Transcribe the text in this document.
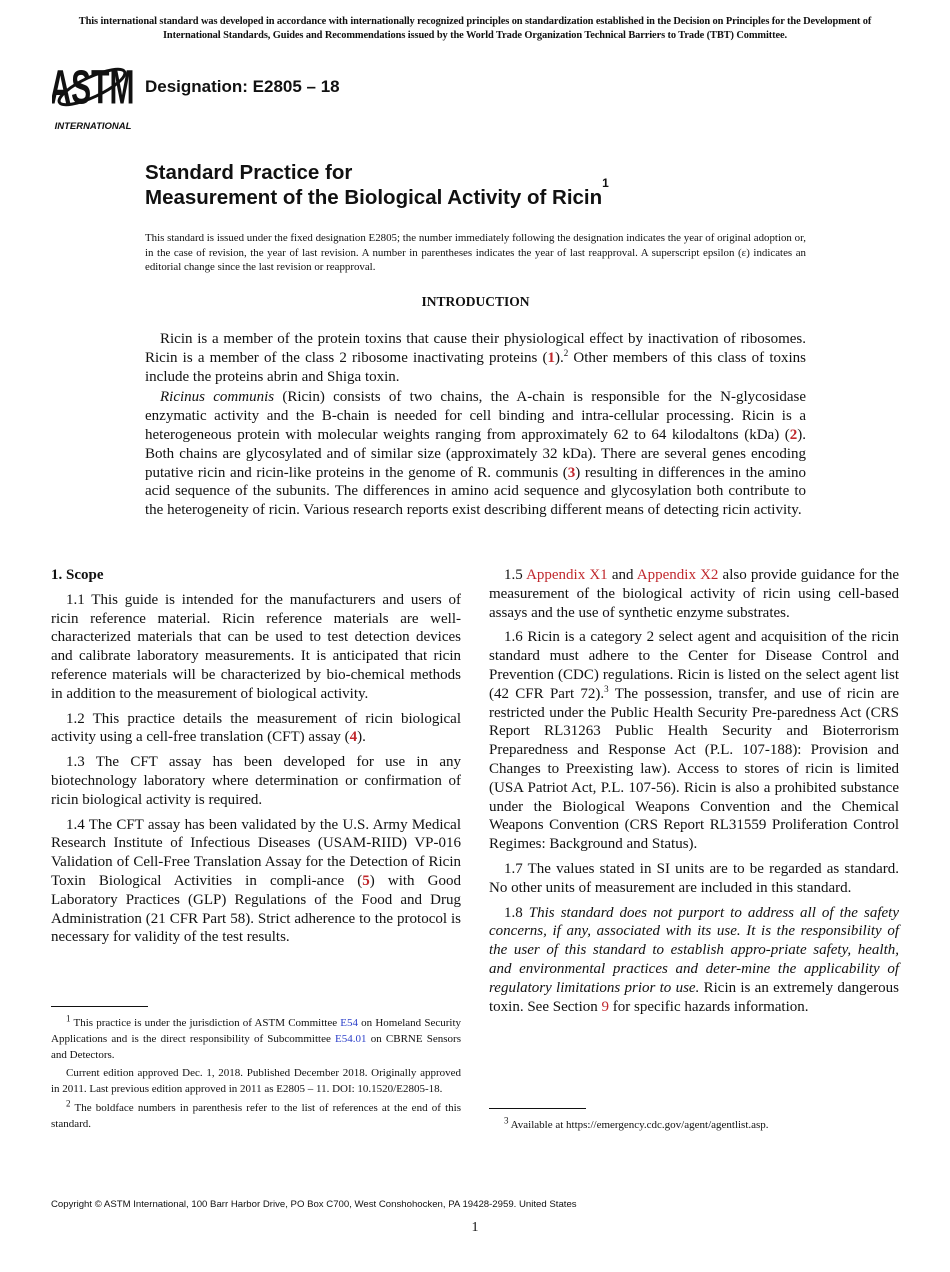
This international standard was developed in accordance with internationally recognized principles on standardization established in the Decision on Principles for the Development of International Standards, Guides and Recommendations issued by the World Trade Organization Technical Barriers to Trade (TBT) Committee.
ASTM
INTERNATIONAL
Designation: E2805 – 18
Standard Practice for
Measurement of the Biological Activity of Ricin$^1$
This standard is issued under the fixed designation E2805; the number immediately following the designation indicates the year of original adoption or, in the case of revision, the year of last revision. A number in parentheses indicates the year of last reapproval. A superscript epsilon (ε) indicates an editorial change since the last revision or reapproval.
INTRODUCTION

Ricin is a member of the protein toxins that cause their physiological effect by inactivation of ribosomes. Ricin is a member of the class 2 ribosome inactivating proteins (1).$^2$ Other members of this class of toxins include the proteins abrin and Shiga toxin.

Ricinus communis (Ricin) consists of two chains, the A-chain is responsible for the N-glycosidase enzymatic activity and the B-chain is needed for cell binding and intra-cellular processing. Ricin is a heterogeneous protein with molecular weights ranging from approximately 62 to 64 kilodaltons (kDa) (2). Both chains are glycosylated and of similar size (approximately 32 kDa). There are several genes encoding putative ricin and ricin-like proteins in the genome of R. communis (3) resulting in differences in the amino acid sequence of the subunits. The differences in amino acid sequence and glycosylation both contribute to the heterogeneity of ricin. Various research reports exist describing different means of detecting ricin activity.

1. Scope

1.1 This guide is intended for the manufacturers and users of ricin reference material. Ricin reference materials are well-characterized materials that can be used to test detection devices and calibrate laboratory measurements. It is anticipated that ricin reference materials will be characterized by bio-chemical methods in addition to the measurement of biological activity.

1.2 This practice details the measurement of ricin biological activity using a cell-free translation (CFT) assay (4).

1.3 The CFT assay has been developed for use in any biotechnology laboratory where determination or confirmation of ricin biological activity is required.

1.4 The CFT assay has been validated by the U.S. Army Medical Research Institute of Infectious Diseases (USAM-RIID) VP-016 Validation of Cell-Free Translation Assay for the Detection of Ricin Toxin Biological Activities in compli-ance (5) with Good Laboratory Practices (GLP) Regulations of the Food and Drug Administration (21 CFR Part 58). Strict adherence to the protocol is necessary for validity of the test results.

$^1$ This practice is under the jurisdiction of ASTM Committee E54 on Homeland Security Applications and is the direct responsibility of Subcommittee E54.01 on CBRNE Sensors and Detectors.

Current edition approved Dec. 1, 2018. Published December 2018. Originally approved in 2011. Last previous edition approved in 2011 as E2805 – 11. DOI: 10.1520/E2805-18.

$^2$ The boldface numbers in parenthesis refer to the list of references at the end of this standard.

1.5 Appendix X1 and Appendix X2 also provide guidance for the measurement of the biological activity of ricin using cell-based assays and the use of synthetic enzyme substrates.

1.6 Ricin is a category 2 select agent and acquisition of the ricin standard must adhere to the Center for Disease Control and Prevention (CDC) regulations. Ricin is listed on the select agent list (42 CFR Part 72).$^3$ The possession, transfer, and use of ricin are restricted under the Public Health Security Pre-paredness Act (CRS Report RL31263 Public Health Security and Bioterrorism Preparedness and Response Act (P.L. 107-188): Provision and Changes to Preexisting law). Access to stores of ricin is limited (USA Patriot Act, P.L. 107-56). Ricin is also a prohibited substance under the Biological Weapons Convention and the Chemical Weapons Convention (CRS Report RL31559 Proliferation Control Regimes: Background and Status).

1.7 The values stated in SI units are to be regarded as standard. No other units of measurement are included in this standard.

1.8 This standard does not purport to address all of the safety concerns, if any, associated with its use. It is the responsibility of the user of this standard to establish appro-priate safety, health, and environmental practices and deter-mine the applicability of regulatory limitations prior to use. Ricin is an extremely dangerous toxin. See Section 9 for specific hazards information.

$^3$ Available at https://emergency.cdc.gov/agent/agentlist.asp.

Copyright © ASTM International, 100 Barr Harbor Drive, PO Box C700, West Conshohocken, PA 19428-2959. United States
1
